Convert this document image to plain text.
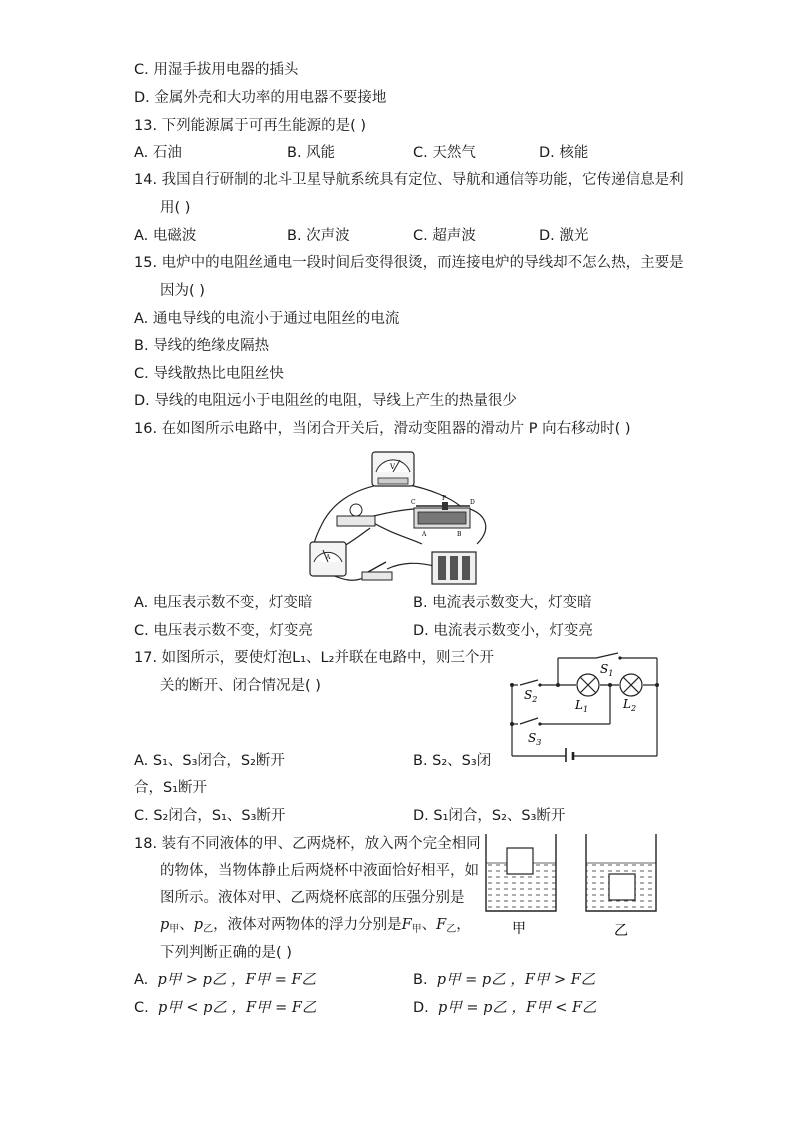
C. 用湿手拔用电器的插头
D. 金属外壳和大功率的用电器不要接地
13. 下列能源属于可再生能源的是( )
A. 石油	B. 风能	C. 天然气	D. 核能
14. 我国自行研制的北斗卫星导航系统具有定位、导航和通信等功能，它传递信息是利
用( )
A. 电磁波	B. 次声波	C. 超声波	D. 激光
15. 电炉中的电阻丝通电一段时间后变得很烫，而连接电炉的导线却不怎么热，主要是
因为( )
A. 通电导线的电流小于通过电阻丝的电流
B. 导线的绝缘皮隔热
C. 导线散热比电阻丝快
D. 导线的电阻远小于电阻丝的电阻，导线上产生的热量很少
16. 在如图所示电路中，当闭合开关后，滑动变阻器的滑动片 P 向右移动时( )
V
C
P
D
A	B
A
A. 电压表示数不变，灯变暗	B. 电流表示数变大，灯变暗
C. 电压表示数不变，灯变亮	D. 电流表示数变小，灯变亮
17. 如图所示，要使灯泡L₁、L₂并联在电路中，则三个开
关的断开、闭合情况是( )
$S_1$
$S_2$
$S_3$
$L_1$	$L_2$
A. S₁、S₃闭合，S₂断开	B. S₂、S₃闭
合，S₁断开
C. S₂闭合，S₁、S₃断开	D. S₁闭合，S₂、S₃断开
18. 装有不同液体的甲、乙两烧杯，放入两个完全相同
的物体，当物体静止后两烧杯中液面恰好相平，如
图所示。液体对甲、乙两烧杯底部的压强分别是
$p_甲$、$p_乙$，液体对两物体的浮力分别是$F_甲$、$F_乙$，
下列判断正确的是( )
甲	乙
A. p甲 > p乙 ，F甲 = F乙	B. p甲 = p乙 ，F甲 > F乙
C. p甲 < p乙 ，F甲 = F乙	D. p甲 = p乙 ，F甲 < F乙
